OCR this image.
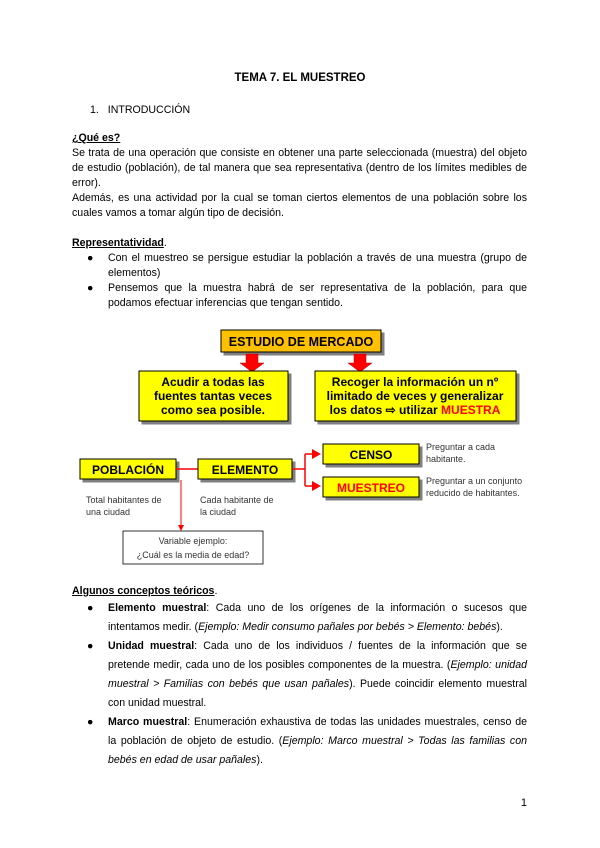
TEMA 7. EL MUESTREO
1. INTRODUCCIÓN
¿Qué es?
Se trata de una operación que consiste en obtener una parte seleccionada (muestra) del objeto de estudio (población), de tal manera que sea representativa (dentro de los límites medibles de error).
Además, es una actividad por la cual se toman ciertos elementos de una población sobre los cuales vamos a tomar algún tipo de decisión.
Representatividad.
● Con el muestreo se persigue estudiar la población a través de una muestra (grupo de elementos)
● Pensemos que la muestra habrá de ser representativa de la población, para que podamos efectuar inferencias que tengan sentido.
ESTUDIO DE MERCADO
Acudir a todas las
fuentes tantas veces
como sea posible.
Recoger la información un nº
limitado de veces y generalizar
los datos ⇨ utilizar MUESTRA
POBLACIÓN	ELEMENTO
CENSO
MUESTREO
Preguntar a cada
habitante.
Preguntar a un conjunto
reducido de habitantes.
Total habitantes de
una ciudad
Cada habitante de
la ciudad
Variable ejemplo:
¿Cuál es la media de edad?
Algunos conceptos teóricos.
● Elemento muestral: Cada uno de los orígenes de la información o sucesos que intentamos medir. (Ejemplo: Medir consumo pañales por bebés > Elemento: bebés).
● Unidad muestral: Cada uno de los individuos / fuentes de la información que se pretende medir, cada uno de los posibles componentes de la muestra. (Ejemplo: unidad muestral > Familias con bebés que usan pañales). Puede coincidir elemento muestral con unidad muestral.
● Marco muestral: Enumeración exhaustiva de todas las unidades muestrales, censo de la población de objeto de estudio. (Ejemplo: Marco muestral > Todas las familias con bebés en edad de usar pañales).
1
